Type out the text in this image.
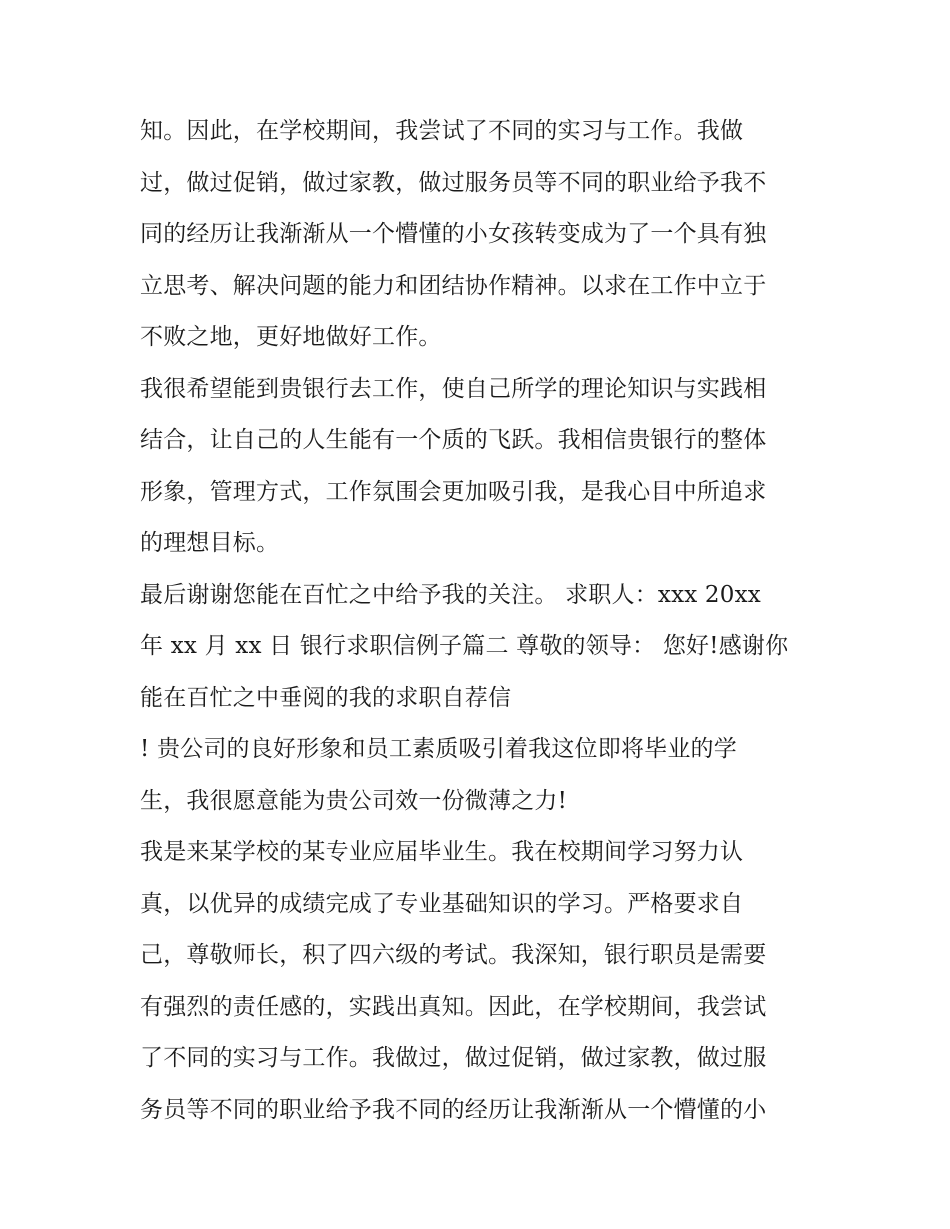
知。因此，在学校期间，我尝试了不同的实习与工作。我做
过，做过促销，做过家教，做过服务员等不同的职业给予我不
同的经历让我渐渐从一个懵懂的小女孩转变成为了一个具有独
立思考、解决问题的能力和团结协作精神。以求在工作中立于
不败之地，更好地做好工作。
我很希望能到贵银行去工作，使自己所学的理论知识与实践相
结合，让自己的人生能有一个质的飞跃。我相信贵银行的整体
形象，管理方式，工作氛围会更加吸引我，是我心目中所追求
的理想目标。
最后谢谢您能在百忙之中给予我的关注。 求职人：xxx 20xx
年 xx 月 xx 日 银行求职信例子篇二 尊敬的领导： 您好!感谢你
能在百忙之中垂阅的我的求职自荐信
! 贵公司的良好形象和员工素质吸引着我这位即将毕业的学
生，我很愿意能为贵公司效一份微薄之力!
我是来某学校的某专业应届毕业生。我在校期间学习努力认
真，以优异的成绩完成了专业基础知识的学习。严格要求自
己，尊敬师长，积了四六级的考试。我深知，银行职员是需要
有强烈的责任感的，实践出真知。因此，在学校期间，我尝试
了不同的实习与工作。我做过，做过促销，做过家教，做过服
务员等不同的职业给予我不同的经历让我渐渐从一个懵懂的小
